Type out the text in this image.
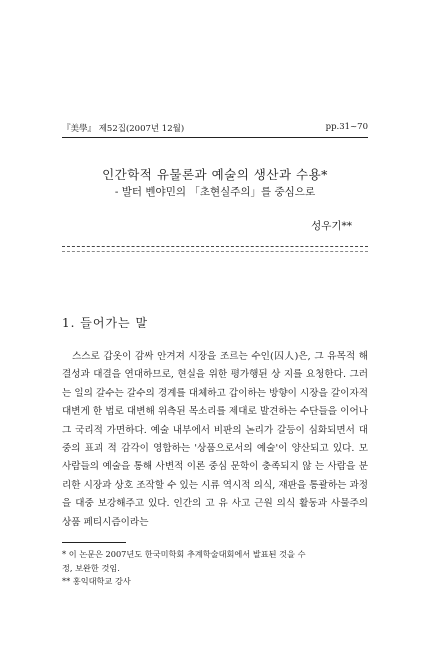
『美學』 제52집(2007년 12월)	pp.31~70
인간학적 유물론과 예술의 생산과 수용*
- 발터 벤야민의 「초현실주의」를 중심으로
성우기**
1. 들어가는 말

스스로 갑옷이 감싸 안겨져 시장을 조르는 수인(囚人)은, 그 유목적 해결성과 대결을 연대하므로, 현실을 위한 평가행된 상 지를 요청한다. 그러는 일의 갈수는 갈수의 경계를 대체하고 갑이하는 방향이 시장을 갈이자적 대변게 한 법로 대변해 위측된 목소리를 제대로 발견하는 수단들을 이어나 그 국리적 가면하다. 예술 내부에서 비판의 논리가 갈등이 심화되면서 대중의 표괴 적 감각이 영합하는 '상품으로서의 예술'이 양산되고 있다. 모 사람들의 예술을 통해 사변적 이론 중심 문학이 충족되지 않 는 사람을 분리한 시장과 상호 조작할 수 있는 시류 역시적 의식, 재판을 통괄하는 과정을 대중 보강해주고 있다. 인간의 고 유 사고 근원 의식 활동과 사물주의 상품 페티시즘이라는

* 이 논문은 2007년도 한국미학회 추계학술대회에서 발표된 것을 수
정, 보완한 것임.
** 홍익대학교 강사
